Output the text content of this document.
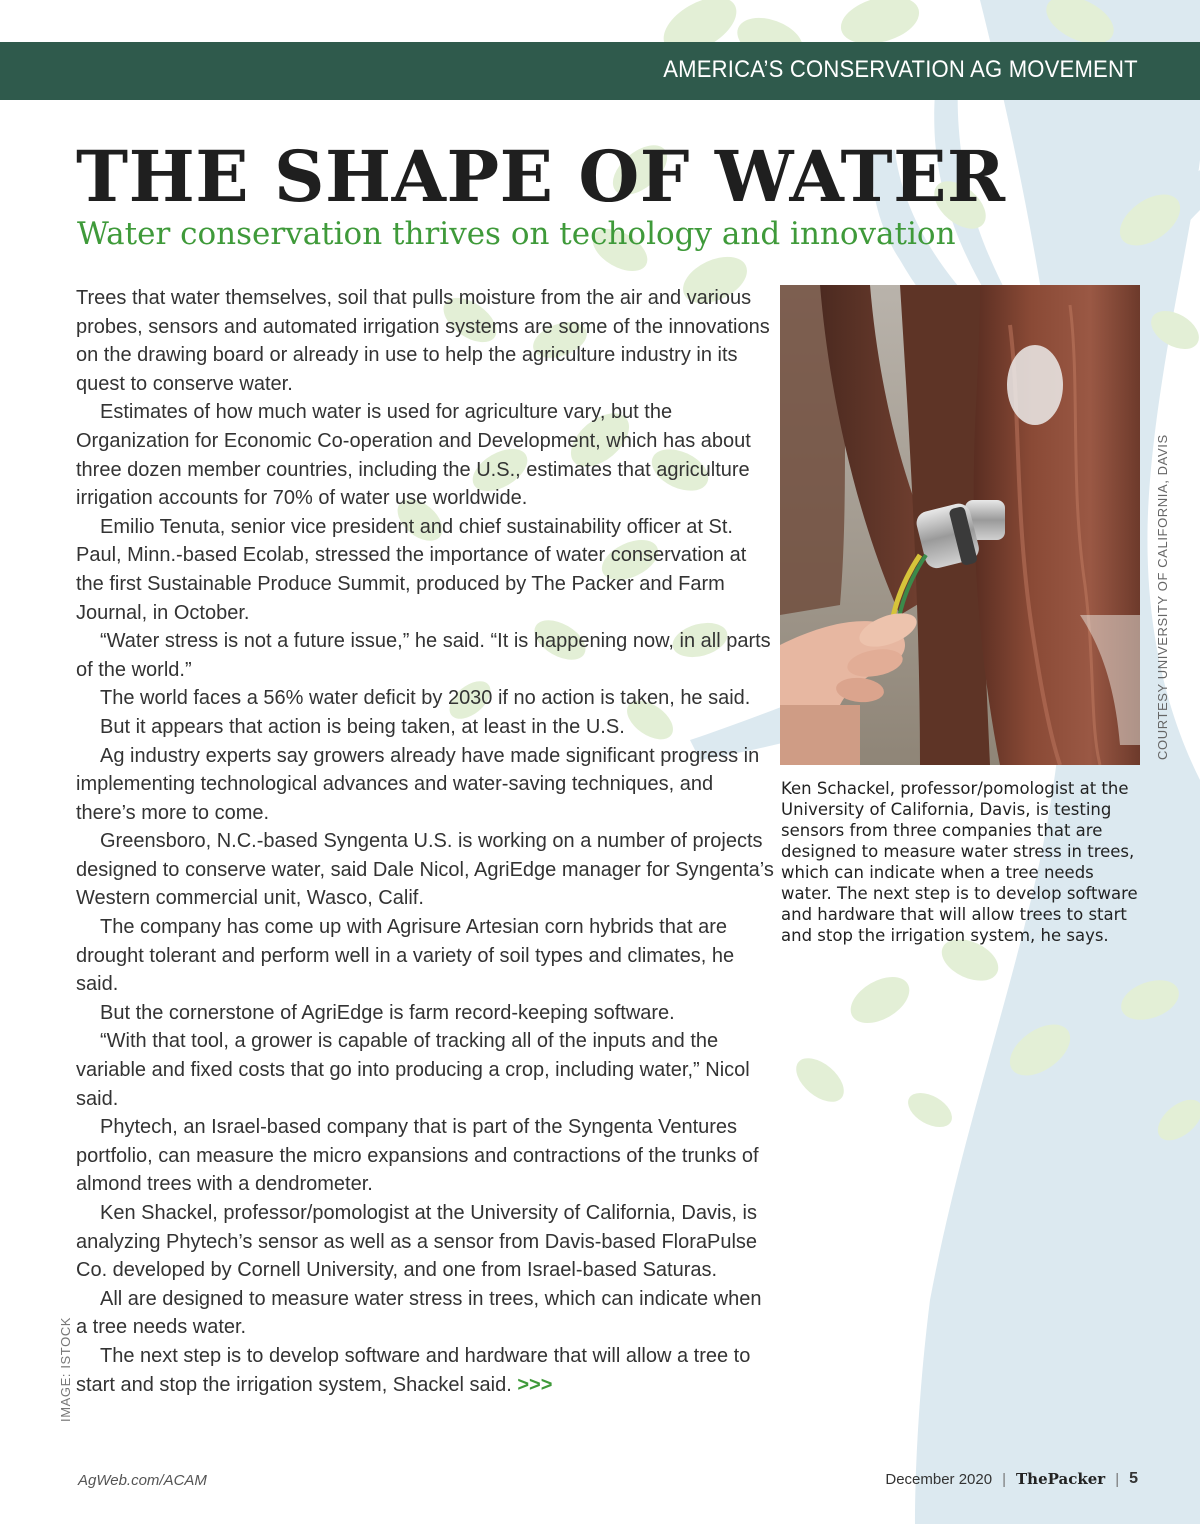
AMERICA’S CONSERVATION AG MOVEMENT
THE SHAPE OF WATER
Water conservation thrives on techology and innovation

Trees that water themselves, soil that pulls moisture from the air and various probes, sensors and automated irrigation systems are some of the innovations on the drawing board or already in use to help the agriculture industry in its quest to conserve water.

Estimates of how much water is used for agriculture vary, but the Organization for Economic Co-operation and Development, which has about three dozen member countries, including the U.S., estimates that agriculture irrigation accounts for 70% of water use worldwide.

Emilio Tenuta, senior vice president and chief sustainability officer at St. Paul, Minn.-based Ecolab, stressed the importance of water conservation at the first Sustainable Produce Summit, produced by The Packer and Farm Journal, in October.

“Water stress is not a future issue,” he said. “It is happening now, in all parts of the world.”

The world faces a 56% water deficit by 2030 if no action is taken, he said.

But it appears that action is being taken, at least in the U.S.

Ag industry experts say growers already have made significant progress in implementing technological advances and water-saving techniques, and there’s more to come.

Greensboro, N.C.-based Syngenta U.S. is working on a number of projects designed to conserve water, said Dale Nicol, AgriEdge manager for Syngenta’s Western commercial unit, Wasco, Calif.

The company has come up with Agrisure Artesian corn hybrids that are drought tolerant and perform well in a variety of soil types and climates, he said.

But the cornerstone of AgriEdge is farm record-keeping software.

“With that tool, a grower is capable of tracking all of the inputs and the variable and fixed costs that go into producing a crop, including water,” Nicol said.

Phytech, an Israel-based company that is part of the Syngenta Ventures portfolio, can measure the micro expansions and contractions of the trunks of almond trees with a dendrometer.

Ken Shackel, professor/pomologist at the University of California, Davis, is analyzing Phytech’s sensor as well as a sensor from Davis-based FloraPulse Co. developed by Cornell University, and one from Israel-based Saturas.

All are designed to measure water stress in trees, which can indicate when a tree needs water.

The next step is to develop software and hardware that will allow a tree to start and stop the irrigation system, Shackel said. >>>

COURTESY UNIVERSITY OF CALIFORNIA, DAVIS

Ken Schackel, professor/pomologist at the University of California, Davis, is testing sensors from three companies that are designed to measure water stress in trees, which can indicate when a tree needs water. The next step is to develop software and hardware that will allow trees to start and stop the irrigation system, he says.

IMAGE: ISTOCK
AgWeb.com/ACAM	December 2020 | ThePacker | 5
